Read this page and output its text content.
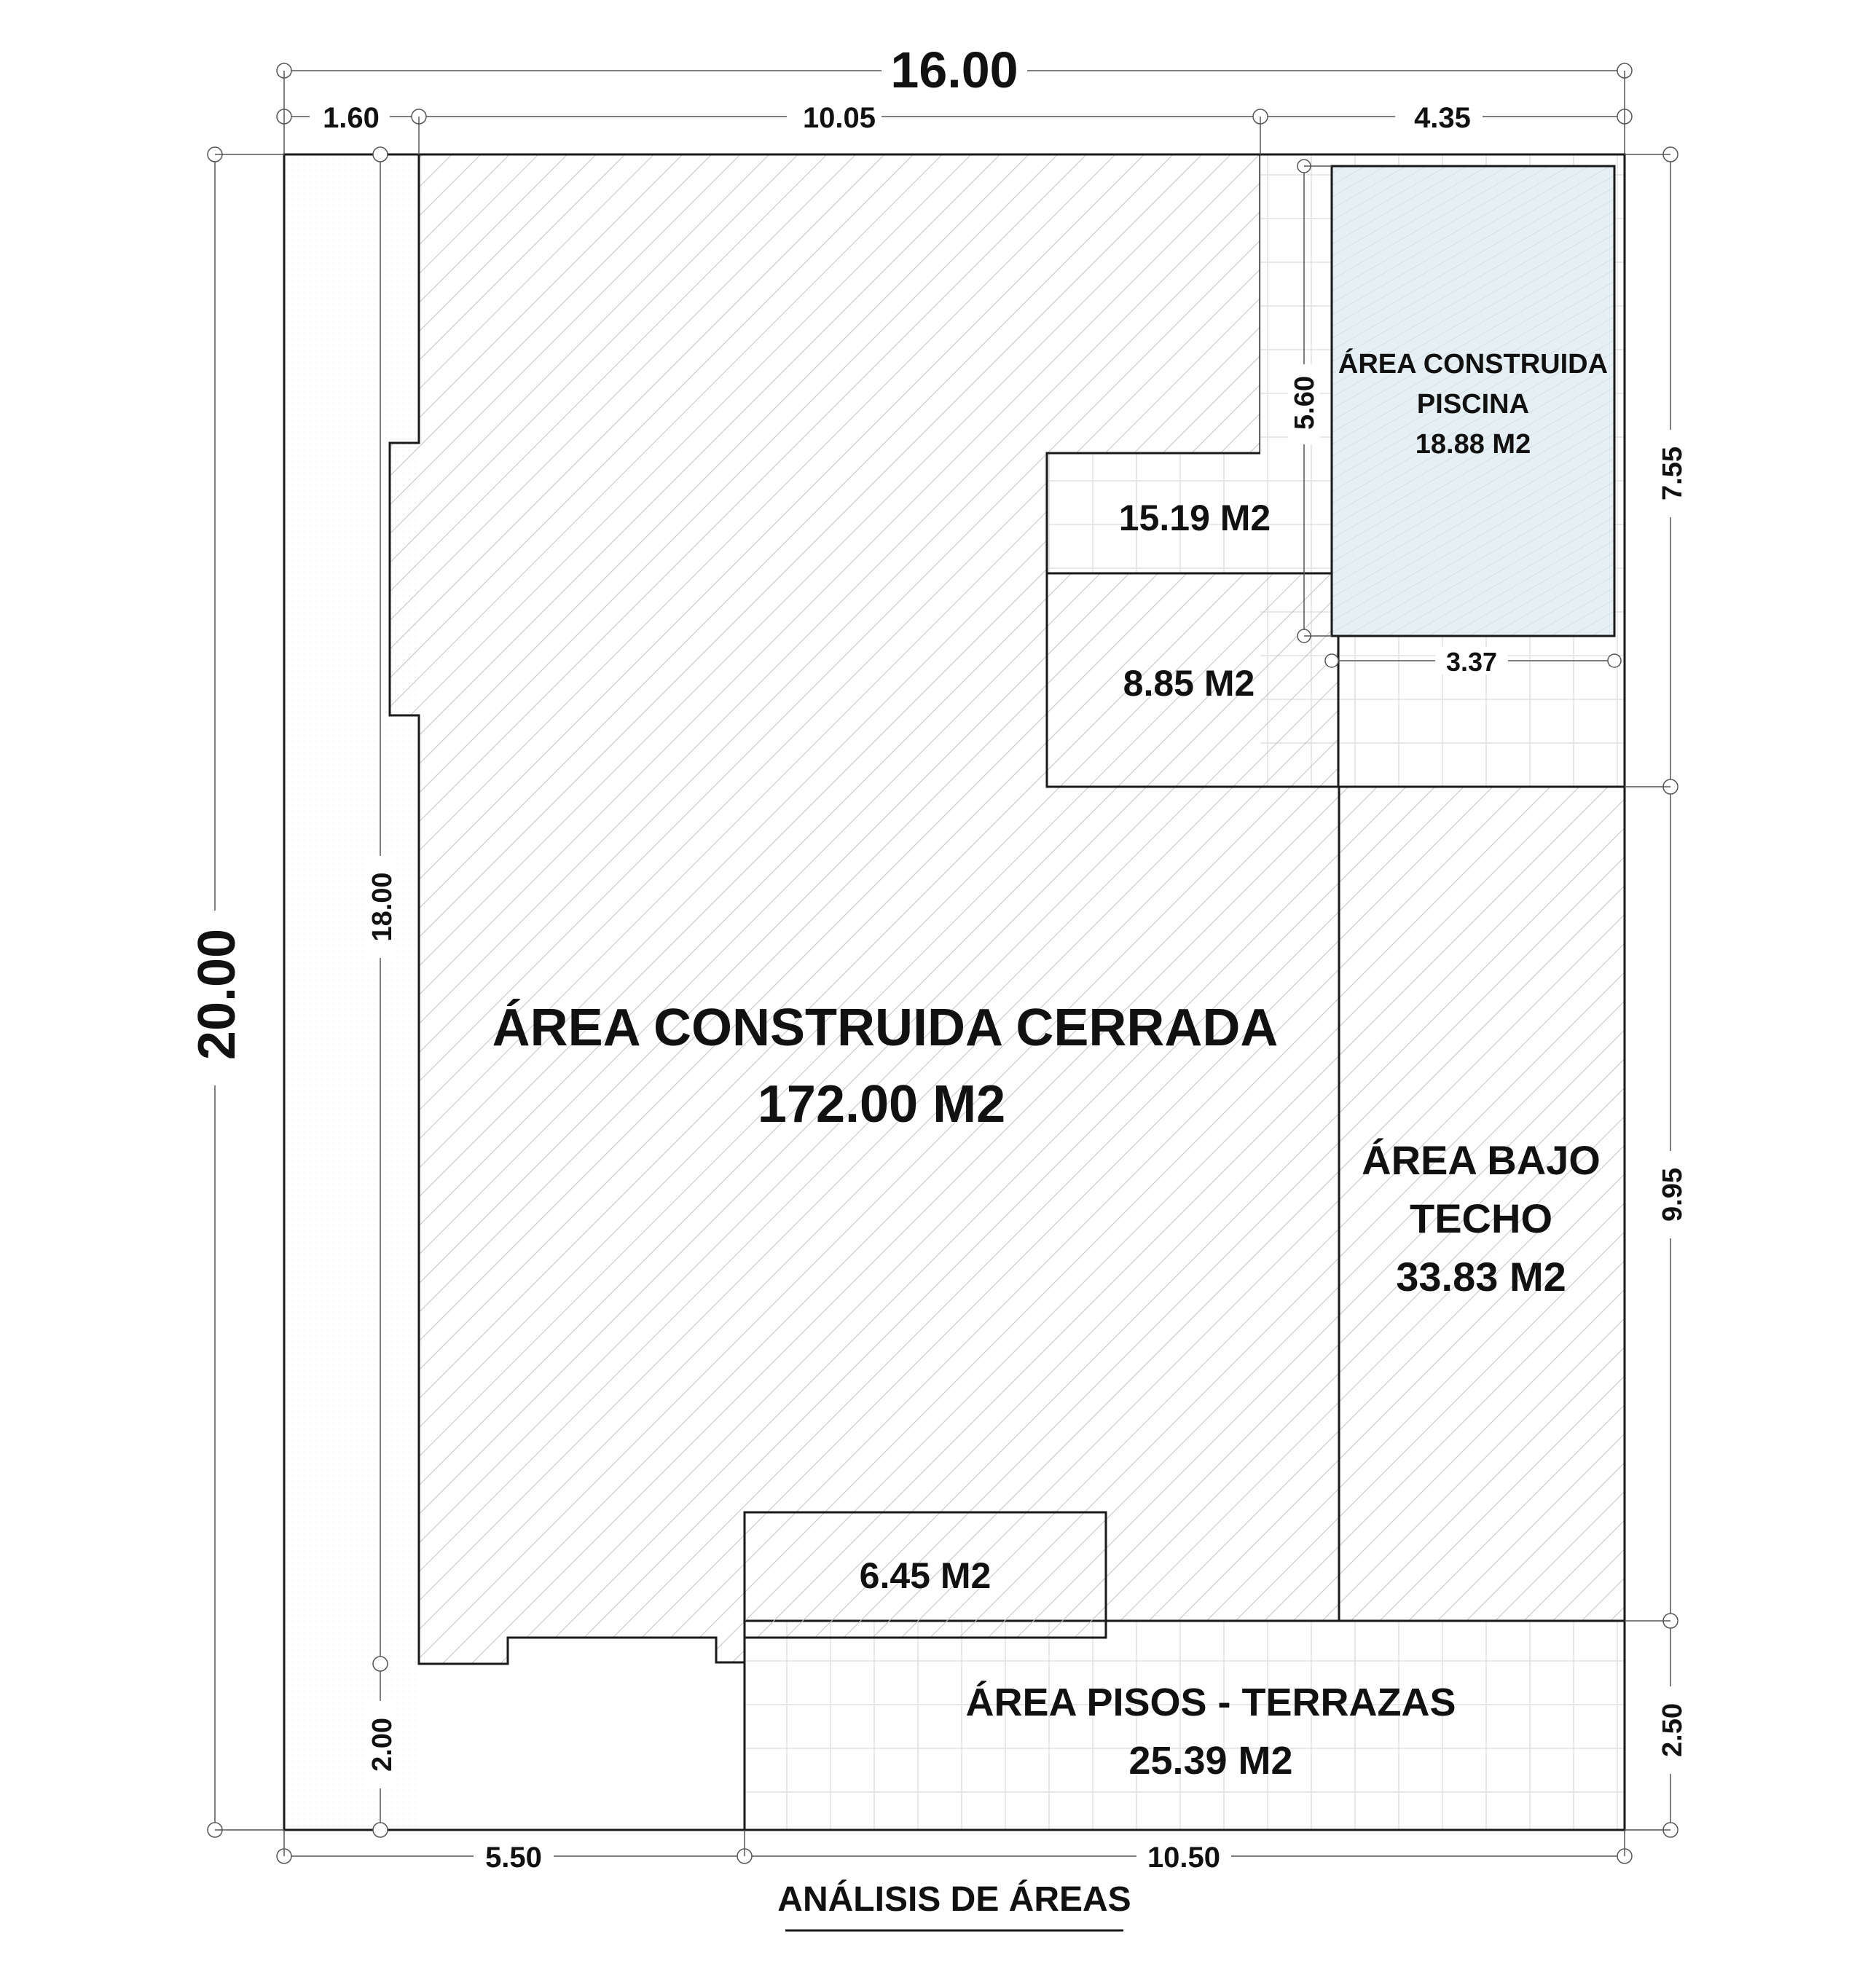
16.00
1.60	10.05	4.35
20.00
18.00
2.00
7.55
9.95
2.50
5.60
3.37
5.50	10.50
ÁREA CONSTRUIDA CERRADA
172.00 M2
ÁREA BAJO
TECHO
33.83 M2
ÁREA CONSTRUIDA
PISCINA
18.88 M2
ÁREA PISOS - TERRAZAS
25.39 M2
15.19 M2
8.85 M2
6.45 M2
ANÁLISIS DE ÁREAS
